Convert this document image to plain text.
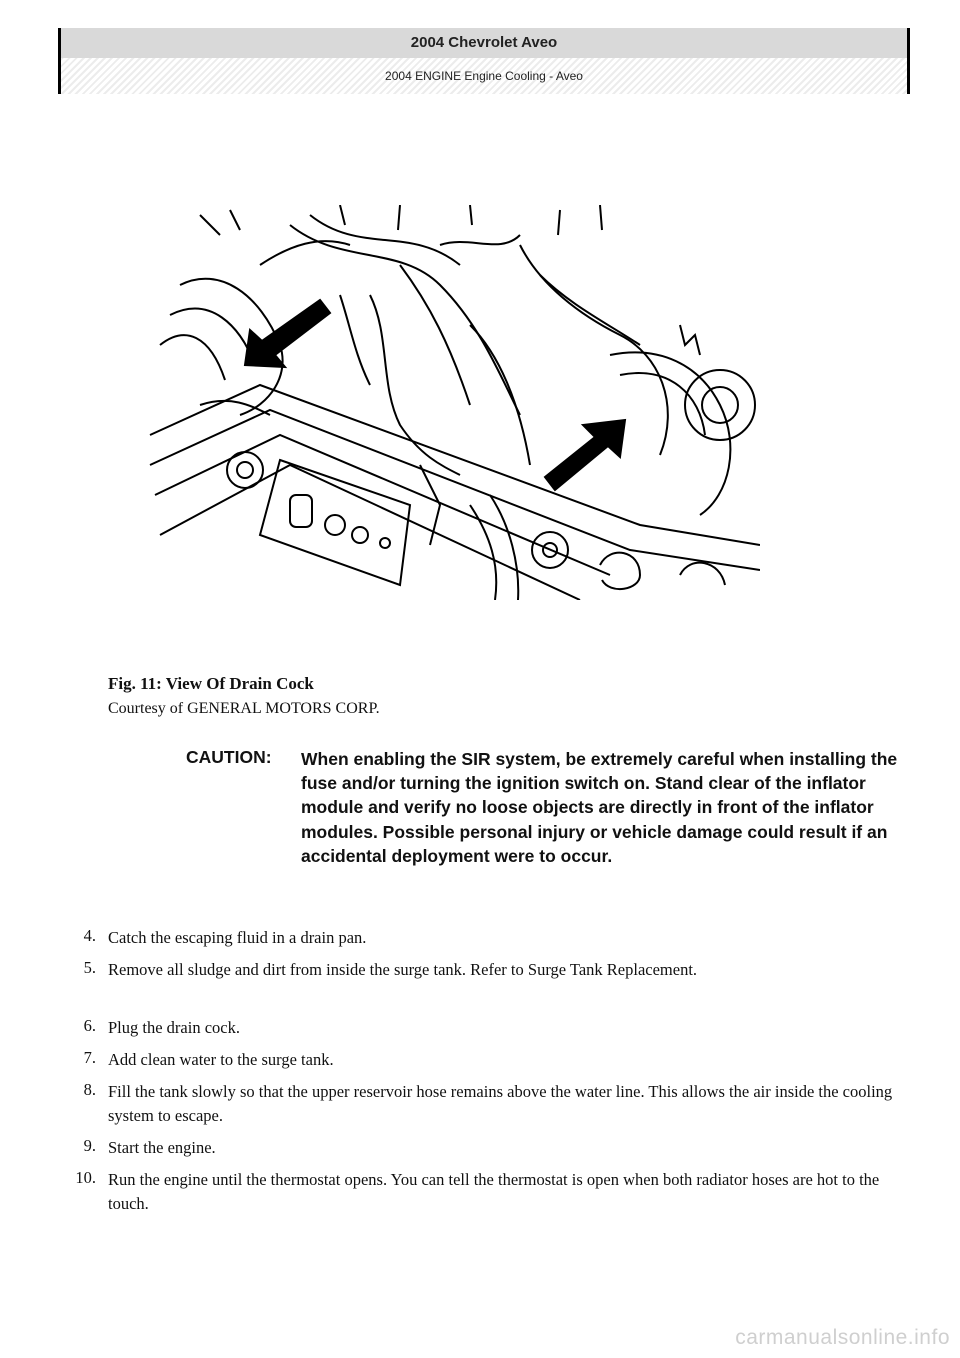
2004 Chevrolet Aveo
2004 ENGINE Engine Cooling - Aveo
Fig. 11: View Of Drain Cock
Courtesy of GENERAL MOTORS CORP.
CAUTION: When enabling the SIR system, be extremely careful when installing the fuse and/or turning the ignition switch on. Stand clear of the inflator module and verify no loose objects are directly in front of the inflator modules. Possible personal injury or vehicle damage could result if an accidental deployment were to occur.
4. Catch the escaping fluid in a drain pan.
5. Remove all sludge and dirt from inside the surge tank. Refer to Surge Tank Replacement.
6. Plug the drain cock.
7. Add clean water to the surge tank.
8. Fill the tank slowly so that the upper reservoir hose remains above the water line. This allows the air inside the cooling system to escape.
9. Start the engine.
10. Run the engine until the thermostat opens. You can tell the thermostat is open when both radiator hoses are hot to the touch.
carmanualsonline.info
